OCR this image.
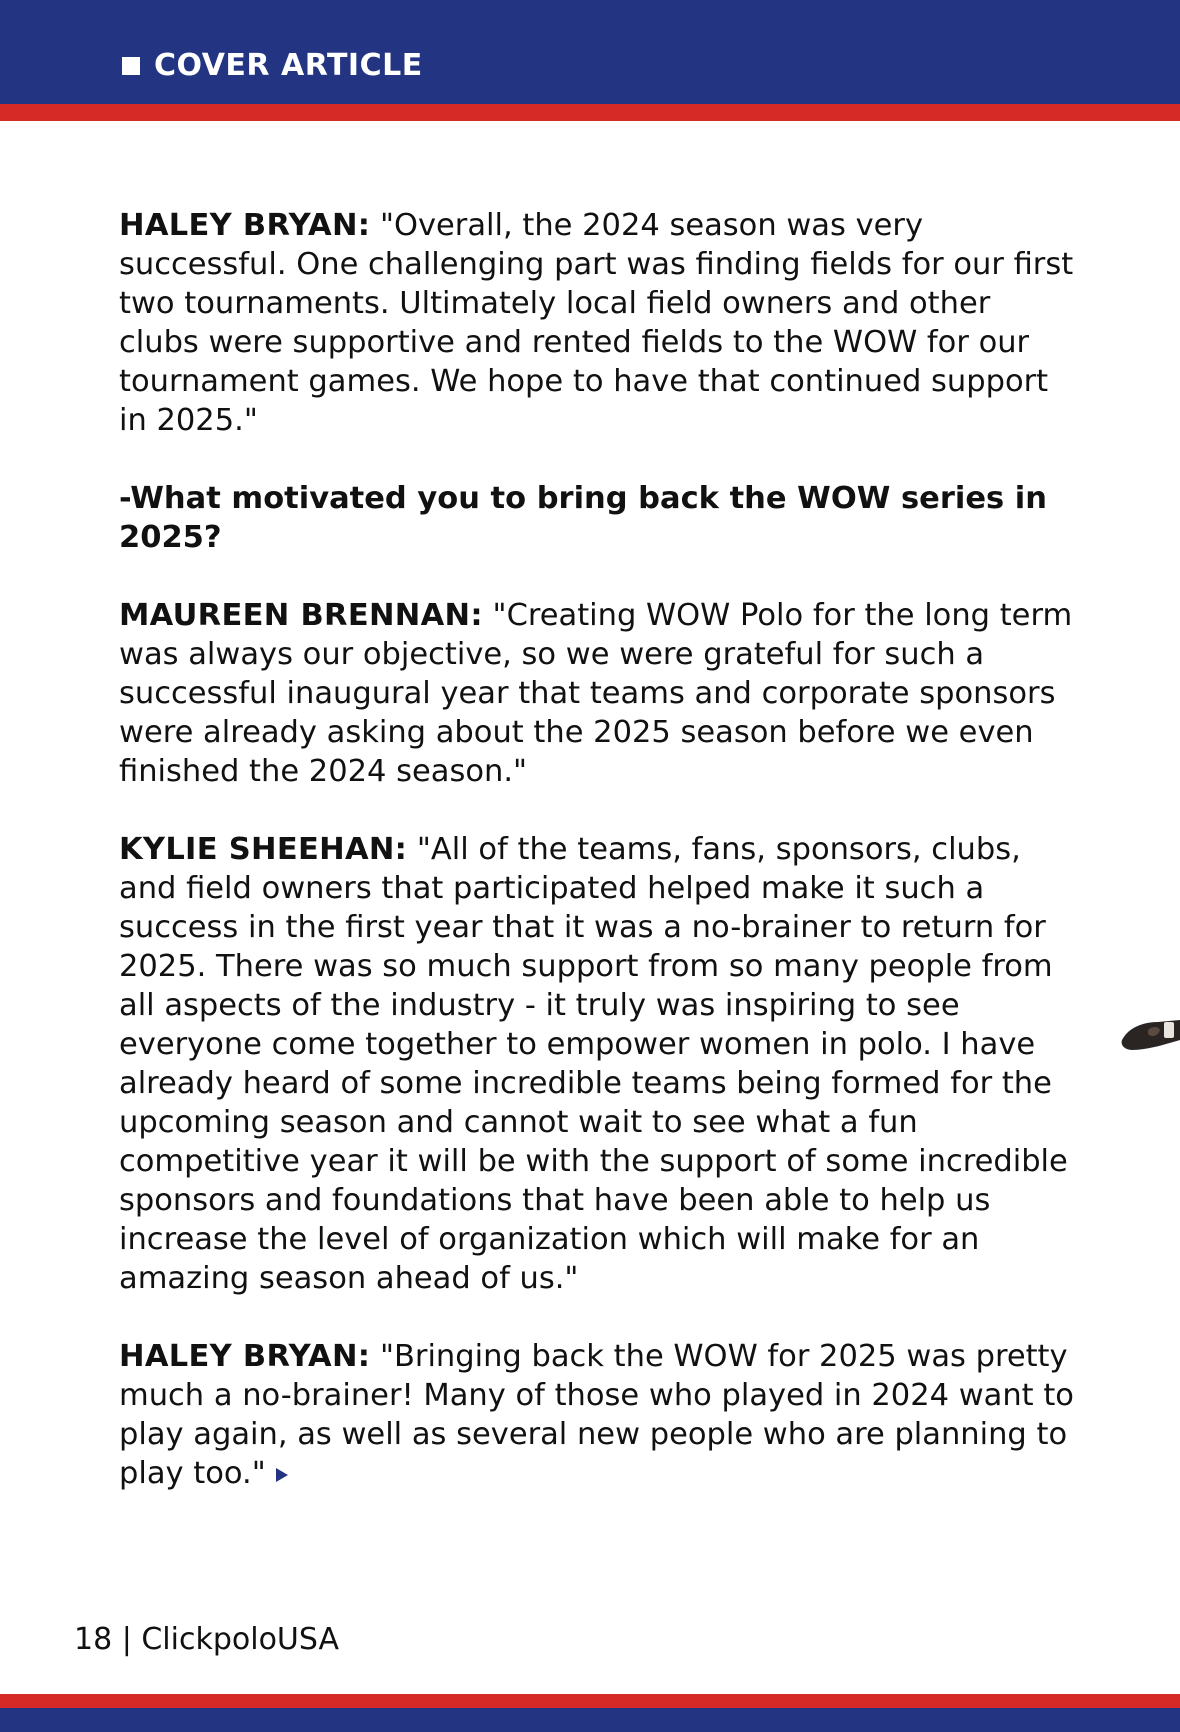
COVER ARTICLE

HALEY BRYAN: "Overall, the 2024 season was very successful. One challenging part was finding fields for our first two tournaments. Ultimately local field owners and other clubs were supportive and rented fields to the WOW for our tournament games. We hope to have that continued support in 2025."

-What motivated you to bring back the WOW series in 2025?

MAUREEN BRENNAN: "Creating WOW Polo for the long term was always our objective, so we were grateful for such a successful inaugural year that teams and corporate sponsors were already asking about the 2025 season before we even finished the 2024 season."

KYLIE SHEEHAN: "All of the teams, fans, sponsors, clubs, and field owners that participated helped make it such a success in the first year that it was a no-brainer to return for 2025. There was so much support from so many people from all aspects of the industry - it truly was inspiring to see everyone come together to empower women in polo. I have already heard of some incredible teams being formed for the upcoming season and cannot wait to see what a fun competitive year it will be with the support of some incredible sponsors and foundations that have been able to help us increase the level of organization which will make for an amazing season ahead of us."

HALEY BRYAN: "Bringing back the WOW for 2025 was pretty much a no-brainer! Many of those who played in 2024 want to play again, as well as several new people who are planning to play too."

18 | ClickpoloUSA
